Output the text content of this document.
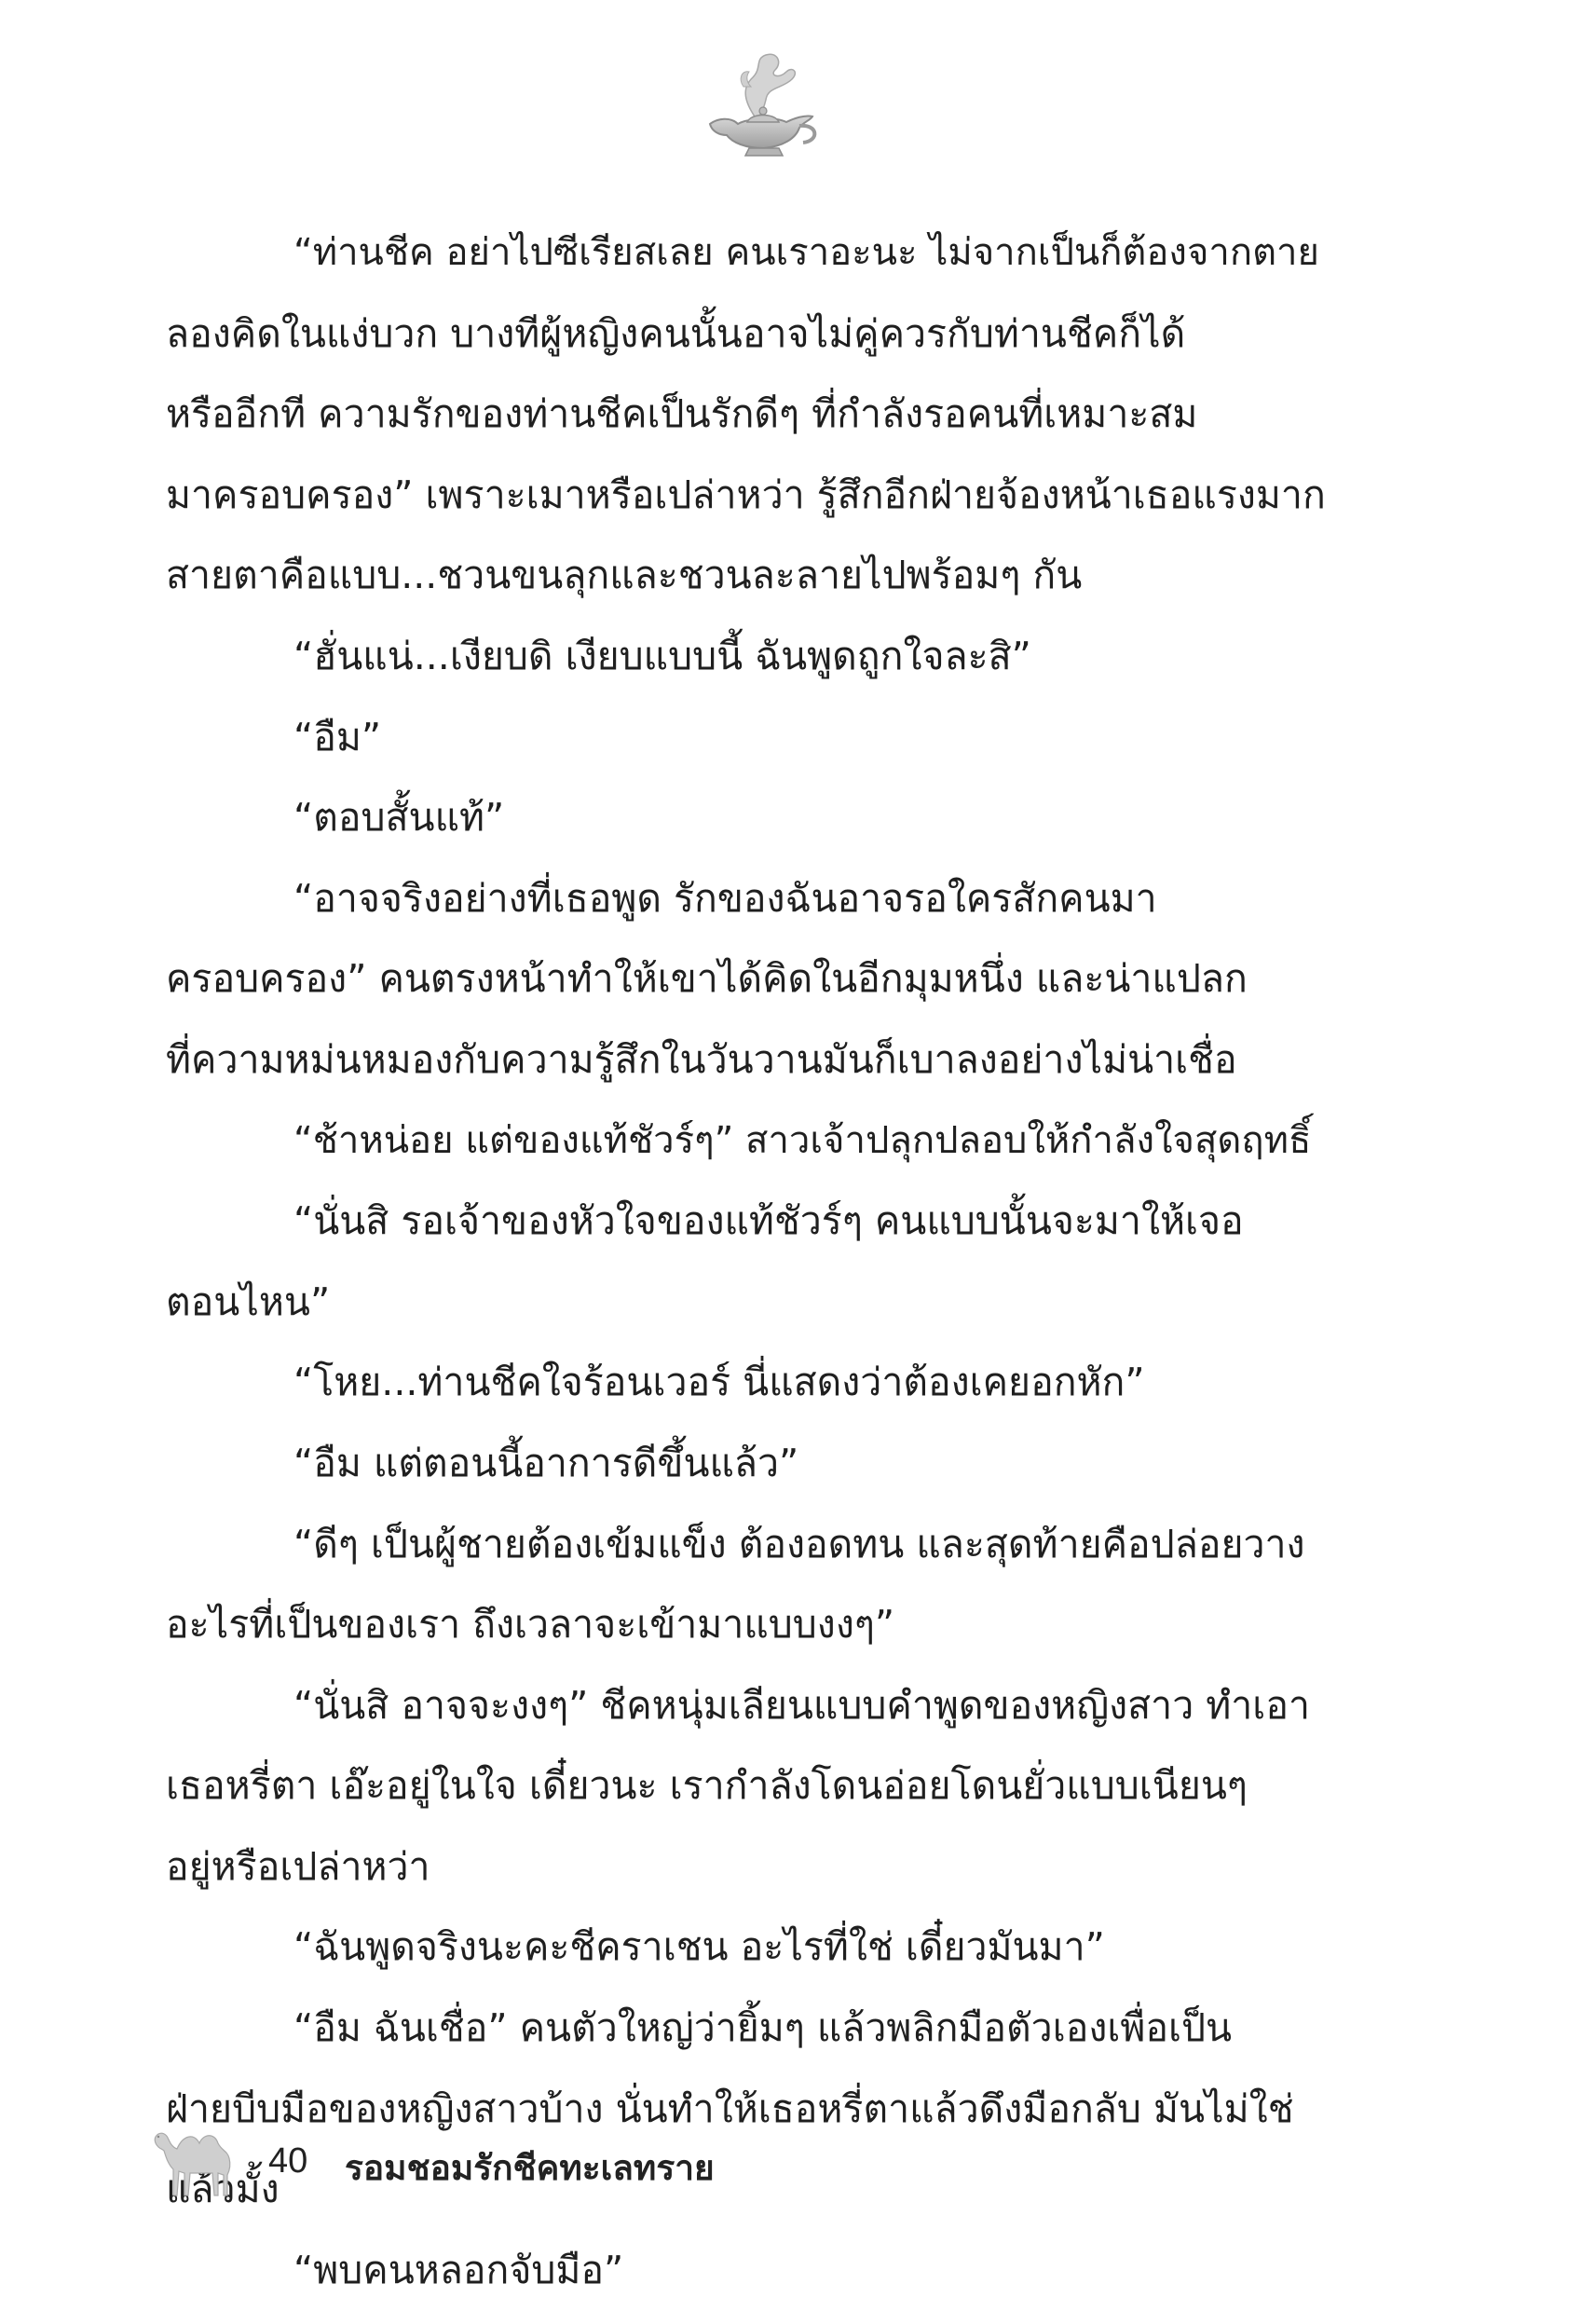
“ท่านชีค อย่าไปซีเรียสเลย คนเราอะนะ ไม่จากเป็นก็ต้องจากตาย

ลองคิดในแง่บวก บางทีผู้หญิงคนนั้นอาจไม่คู่ควรกับท่านชีคก็ได้

หรืออีกที ความรักของท่านชีคเป็นรักดีๆ ที่กำลังรอคนที่เหมาะสม

มาครอบครอง” เพราะเมาหรือเปล่าหว่า รู้สึกอีกฝ่ายจ้องหน้าเธอแรงมาก

สายตาคือแบบ...ชวนขนลุกและชวนละลายไปพร้อมๆ กัน

“ฮั่นแน่...เงียบดิ เงียบแบบนี้ ฉันพูดถูกใจละสิ”

“อืม”

“ตอบสั้นแท้”

“อาจจริงอย่างที่เธอพูด รักของฉันอาจรอใครสักคนมา

ครอบครอง” คนตรงหน้าทำให้เขาได้คิดในอีกมุมหนึ่ง และน่าแปลก

ที่ความหม่นหมองกับความรู้สึกในวันวานมันก็เบาลงอย่างไม่น่าเชื่อ

“ช้าหน่อย แต่ของแท้ชัวร์ๆ” สาวเจ้าปลุกปลอบให้กำลังใจสุดฤทธิ์

“นั่นสิ รอเจ้าของหัวใจของแท้ชัวร์ๆ คนแบบนั้นจะมาให้เจอ

ตอนไหน”

“โหย...ท่านชีคใจร้อนเวอร์ นี่แสดงว่าต้องเคยอกหัก”

“อืม แต่ตอนนี้อาการดีขึ้นแล้ว”

“ดีๆ เป็นผู้ชายต้องเข้มแข็ง ต้องอดทน และสุดท้ายคือปล่อยวาง

อะไรที่เป็นของเรา ถึงเวลาจะเข้ามาแบบงงๆ”

“นั่นสิ อาจจะงงๆ” ชีคหนุ่มเลียนแบบคำพูดของหญิงสาว ทำเอา

เธอหรี่ตา เอ๊ะอยู่ในใจ เดี๋ยวนะ เรากำลังโดนอ่อยโดนยั่วแบบเนียนๆ

อยู่หรือเปล่าหว่า

“ฉันพูดจริงนะคะชีคราเชน อะไรที่ใช่ เดี๋ยวมันมา”

“อืม ฉันเชื่อ” คนตัวใหญ่ว่ายิ้มๆ แล้วพลิกมือตัวเองเพื่อเป็น

ฝ่ายบีบมือของหญิงสาวบ้าง นั่นทำให้เธอหรี่ตาแล้วดึงมือกลับ มันไม่ใช่

แล้วมั้ง

“พบคนหลอกจับมือ”

40 รอมชอมรักชีคทะเลทราย
